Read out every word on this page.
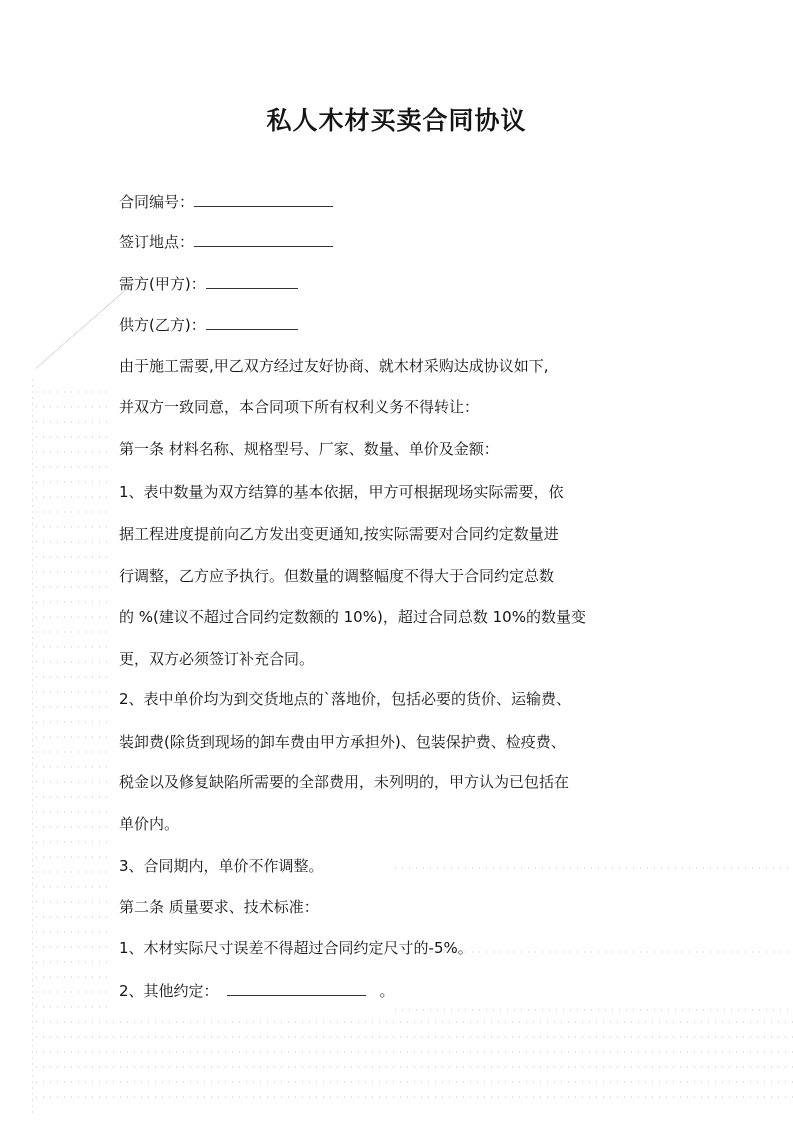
私人木材买卖合同协议
合同编号：
签订地点：
需方(甲方)：
供方(乙方)：
由于施工需要,甲乙双方经过友好协商、就木材采购达成协议如下,
并双方一致同意，本合同项下所有权利义务不得转让：
第一条 材料名称、规格型号、厂家、数量、单价及金额：
1、表中数量为双方结算的基本依据，甲方可根据现场实际需要，依
据工程进度提前向乙方发出变更通知,按实际需要对合同约定数量进
行调整，乙方应予执行。但数量的调整幅度不得大于合同约定总数
的 %(建议不超过合同约定数额的 10%)，超过合同总数 10%的数量变
更，双方必须签订补充合同。
2、表中单价均为到交货地点的`落地价，包括必要的货价、运输费、
装卸费(除货到现场的卸车费由甲方承担外)、包装保护费、检疫费、
税金以及修复缺陷所需要的全部费用，未列明的，甲方认为已包括在
单价内。
3、合同期内，单价不作调整。
第二条 质量要求、技术标准：
1、木材实际尺寸误差不得超过合同约定尺寸的-5%。
2、其他约定：	。
